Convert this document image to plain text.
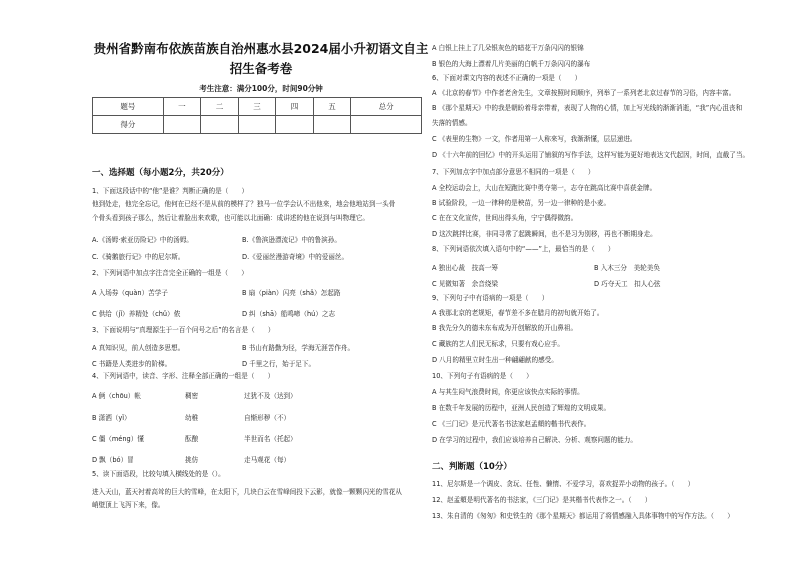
贵州省黔南布依族苗族自治州惠水县2024届小升初语文自主
招生备考卷
考生注意：满分100分，时间90分钟
题号	一	二	三	四	五	总分
得分						
一、选择题（每小题2分，共20分）
1、下面这段话中的“他”是谁？判断正确的是（　　）
他到处走，他完全忘记，他何在已经不是从前的模样了？独马一位学会认不出他来，地会他地站到一头骨
个骨头看到孩子那么，然后让着脸出来欢歌，也可能以北面确：成讲述的他在说到与叫物理它。
A.《汤姆·索亚历险记》中的汤姆。	B.《鲁滨逊漂流记》中的鲁滨孙。
C.《骑鹅旅行记》中的尼尔斯。	D.《爱丽丝漫游奇境》中的爱丽丝。
2、下列词语中加点字注音完全正确的一组是（　　）
A 入场券（quàn）苦学子	B 扇（piàn）闪亮（shǎ）怎起路
C 供给（jǐ）养精处（chǔ）侬	D 纠（shā）船鸣啼（hú）之志
3、下面说明与“真理源生于一百个问号之后”的名言是（　　）
A 真知识见，前人创造多思想。	B 书山有路勤为径，学海无涯苦作舟。
C 书籍是人类进步的阶梯。	D 千里之行，始于足下。
4、下列词语中，读音、字形、注释全部正确的一组是（　　）
A 俩（chōu）帐	稠密	过犹不及（达到）
B 潇洒（yǐ）	幼稚	自惭形秽（不）
C 僵（méng）懂	酝酿	半世而名（托起）
D 飘（bó）冒	挑仿	走马观花（每）
5、读下面语段，比较句填入横线处的是（）。
进入天山，蓝天衬着高耸的巨大的雪峰，在太阳下，几块白云在雪峰间投下云影，就像一颗颗闪光的雪花从
峭壁顶上飞泻下来，像。
A 白银上挂上了几朵银灰色的暗花干万条闪闪的银锦
B 银色的大海上漂着几片美丽的白帆千万条闪闪的瀑布
6、下面对课文内容的表述不正确的一项是（　　）
A 《北京的春节》中作者老舍先生，文章按照时间顺序，列举了一系列老北京过春节的习俗，内容丰富。
B 《那个星期天》中的我是朝盼着母亲带着，表现了人物的心情，加上写光线的渐渐消逝，“我”内心沮丧和
失落的情感。
C 《表里的生物》一文，作者用第一人称来写，我渐渐懂，层层递进。
D 《十六年前的回忆》中的开头运用了铺叙的写作手法，这样写能为更好地表达文代起因，时间，直截了当。
7、下列加点字中加点部分意思不相同的一项是（　　）
A 全校运动会上，大山在短跑比赛中勇夺第一，志夺在跳高比赛中喜获金牌。
B 试验阶段，一边一律种的是秧苗，另一边一律种的是小麦。
C 在在文化宣传，世间出得头角，宁宁偶得微韵。
D 这次跳拌比赛，非同寻常了起跳瞬间，也不是习为别移，再也不断期身走。
8、下列词语依次填入语句中的“——”上，最恰当的是（　　）
A 独出心裁　技高一筹	B 入木三分　美轮美奂
C 见微知著　余音绕梁	D 巧夺天工　扣人心弦
9、下列句子中有语病的一项是（　　）
A 我那北京的老规矩，春节差不多在腊月的初旬就开始了。
B 我先分久的德未东布成为开创解放的开山鼻祖。
C 藏族的艺人们民无标求，只要有戏心应手。
D 八月的精里立时生出一种翩翩献的感受。
10、下列句子有语病的是（　　）
A 与其生闷气浪费时间，你更应该快点实际的事情。
B 在数千年发展的历程中，亚洲人民创造了辉煌的文明成果。
C 《三门记》是元代著名书法家赵孟頫的楷书代表作。
D 在学习的过程中，我们应该培养自己解决、分析、观察问题的能力。
二、判断题（10分）
11、尼尔斯是一个调皮、贪玩、任性、懒惰、不爱学习，喜欢捉弄小动物的孩子。（　　）
12、赵孟頫是明代著名的书法家，《三门记》是其楷书代表作之一。（　　）
13、朱自清的《匆匆》和史铁生的《那个星期天》都运用了将情感融入具体事物中的写作方法。（　　）
